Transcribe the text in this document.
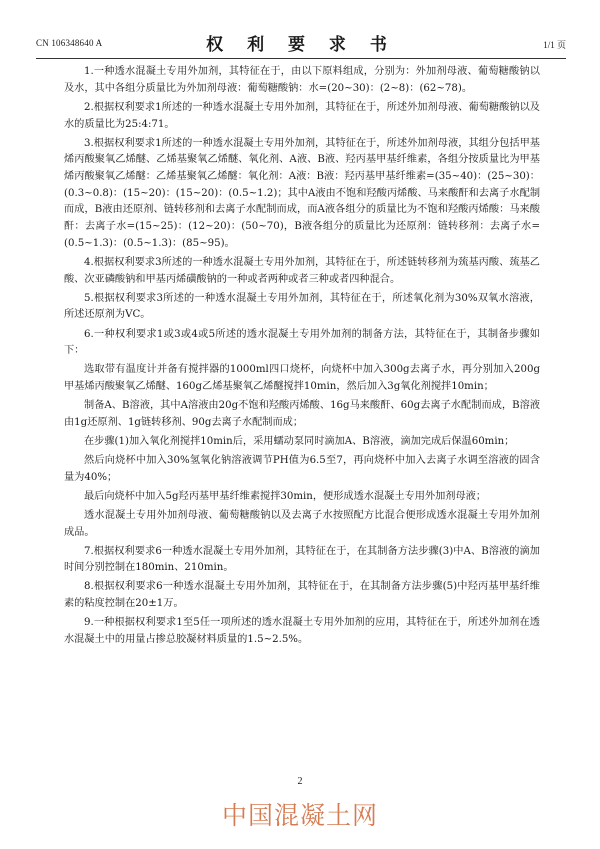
CN 106348640 A	权 利 要 求 书	1/1 页

1.一种透水混凝土专用外加剂，其特征在于，由以下原料组成，分别为：外加剂母液、葡萄糖酸钠以及水，其中各组分质量比为外加剂母液：葡萄糖酸钠：水=(20~30)：(2~8)：(62~78)。

2.根据权利要求1所述的一种透水混凝土专用外加剂，其特征在于，所述外加剂母液、葡萄糖酸钠以及水的质量比为25:4:71。

3.根据权利要求1所述的一种透水混凝土专用外加剂，其特征在于，所述外加剂母液，其组分包括甲基烯丙酸聚氧乙烯醚、乙烯基聚氧乙烯醚、氧化剂、A液、B液、羟丙基甲基纤维素，各组分按质量比为甲基烯丙酸聚氧乙烯醚：乙烯基聚氧乙烯醚：氧化剂：A液：B液：羟丙基甲基纤维素=(35~40)：(25~30)：(0.3~0.8)：(15~20)：(15~20)：(0.5~1.2)；其中A液由不饱和羟酸丙烯酸、马来酸酐和去离子水配制而成，B液由还原剂、链转移剂和去离子水配制而成，而A液各组分的质量比为不饱和羟酸丙烯酸：马来酸酐：去离子水=(15~25)：(12~20)：(50~70)，B液各组分的质量比为还原剂：链转移剂：去离子水=(0.5~1.3)：(0.5~1.3)：(85~95)。

4.根据权利要求3所述的一种透水混凝土专用外加剂，其特征在于，所述链转移剂为巯基丙酸、巯基乙酸、次亚磷酸钠和甲基丙烯磺酸钠的一种或者两种或者三种或者四种混合。

5.根据权利要求3所述的一种透水混凝土专用外加剂，其特征在于，所述氧化剂为30%双氧水溶液，所述还原剂为VC。

6.一种权利要求1或3或4或5所述的透水混凝土专用外加剂的制备方法，其特征在于，其制备步骤如下：

选取带有温度计并备有搅拌器的1000ml四口烧杯，向烧杯中加入300g去离子水，再分别加入200g甲基烯丙酸聚氧乙烯醚、160g乙烯基聚氧乙烯醚搅拌10min，然后加入3g氧化剂搅拌10min；

制备A、B溶液，其中A溶液由20g不饱和羟酸丙烯酸、16g马来酸酐、60g去离子水配制而成，B溶液由1g还原剂、1g链转移剂、90g去离子水配制而成；

在步骤(1)加入氧化剂搅拌10min后，采用蠕动泵同时滴加A、B溶液，滴加完成后保温60min；

然后向烧杯中加入30%氢氧化钠溶液调节PH值为6.5至7，再向烧杯中加入去离子水调至溶液的固含量为40%；

最后向烧杯中加入5g羟丙基甲基纤维素搅拌30min，便形成透水混凝土专用外加剂母液；

透水混凝土专用外加剂母液、葡萄糖酸钠以及去离子水按照配方比混合便形成透水混凝土专用外加剂成品。

7.根据权利要求6一种透水混凝土专用外加剂，其特征在于，在其制备方法步骤(3)中A、B溶液的滴加时间分别控制在180min、210min。

8.根据权利要求6一种透水混凝土专用外加剂，其特征在于，在其制备方法步骤(5)中羟丙基甲基纤维素的粘度控制在20±1万。

9.一种根据权利要求1至5任一项所述的透水混凝土专用外加剂的应用，其特征在于，所述外加剂在透水混凝土中的用量占掺总胶凝材料质量的1.5~2.5%。

2
中国混凝土网
